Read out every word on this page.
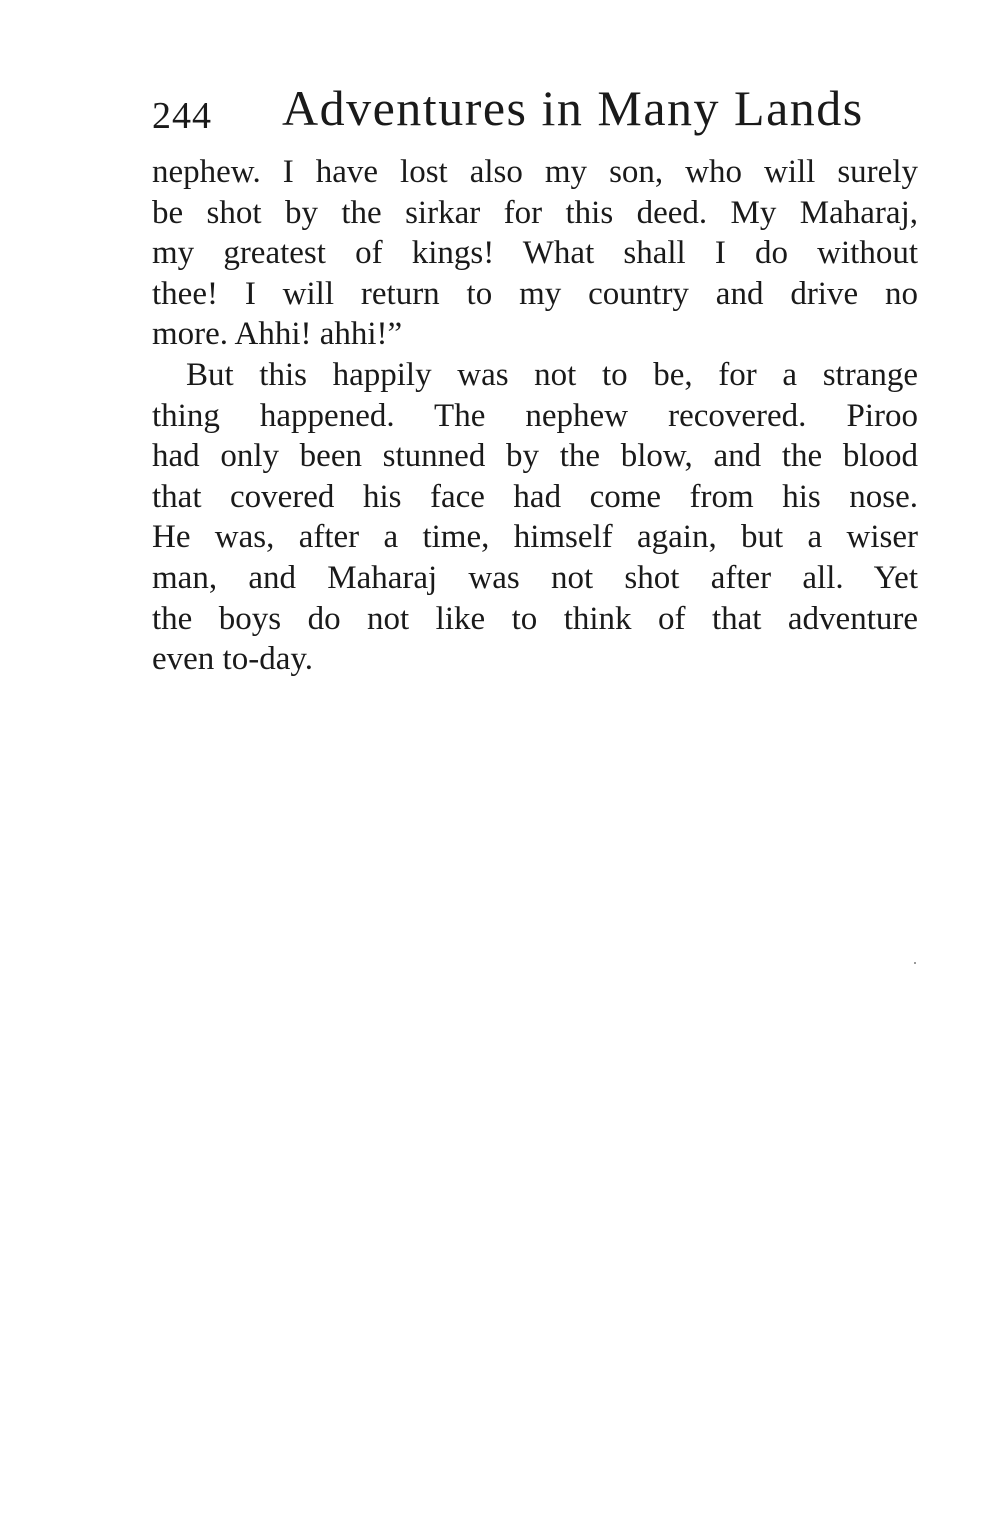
244 Adventures in Many Lands
nephew. I have lost also my son, who will surely
be shot by the sirkar for this deed. My Maharaj,
my greatest of kings! What shall I do without
thee! I will return to my country and drive no
more. Ahhi! ahhi!”
But this happily was not to be, for a strange
thing happened. The nephew recovered. Piroo
had only been stunned by the blow, and the blood
that covered his face had come from his nose.
He was, after a time, himself again, but a wiser
man, and Maharaj was not shot after all. Yet
the boys do not like to think of that adventure
even to-day.
